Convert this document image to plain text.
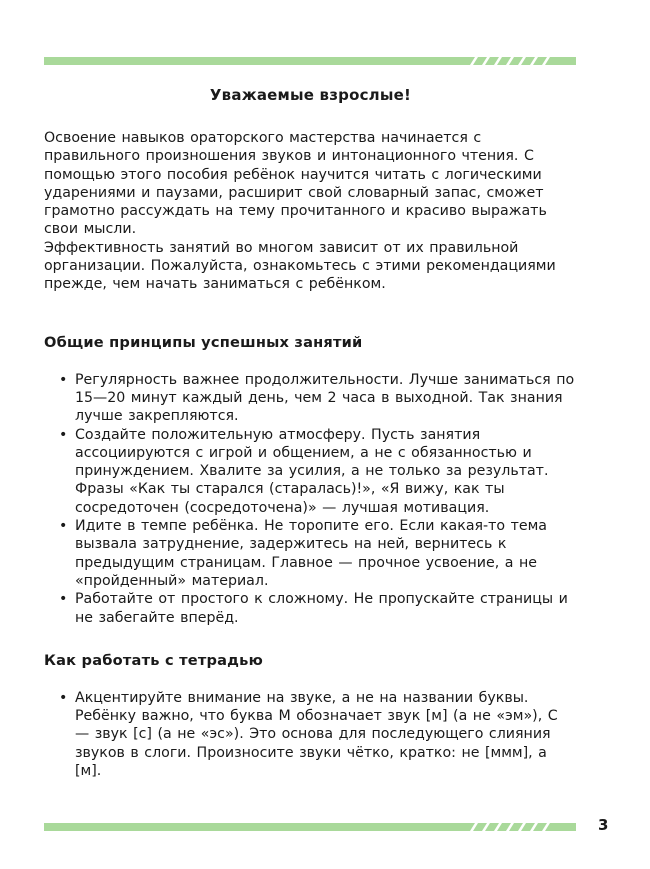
Уважаемые взрослые!

Освоение навыков ораторского мастерства начинается с правильного произношения звуков и интонационного чтения. С помощью этого пособия ребёнок научится читать с логическими ударениями и паузами, расширит свой словарный запас, сможет грамотно рассуждать на тему прочитанного и красиво выражать свои мысли.

Эффективность занятий во многом зависит от их правильной организации. Пожалуйста, ознакомьтесь с этими рекомендациями прежде, чем начать заниматься с ребёнком.

Общие принципы успешных занятий
• Регулярность важнее продолжительности. Лучше заниматься по 15—20 минут каждый день, чем 2 часа в выходной. Так знания лучше закрепляются.
• Создайте положительную атмосферу. Пусть занятия ассоциируются с игрой и общением, а не с обязанностью и принуждением. Хвалите за усилия, а не только за результат. Фразы «Как ты старался (старалась)!», «Я вижу, как ты сосредоточен (сосредоточена)» — лучшая мотивация.
• Идите в темпе ребёнка. Не торопите его. Если какая-то тема вызвала затруднение, задержитесь на ней, вернитесь к предыдущим страницам. Главное — прочное усвоение, а не «пройденный» материал.
• Работайте от простого к сложному. Не пропускайте страницы и не забегайте вперёд.
Как работать с тетрадью
• Акцентируйте внимание на звуке, а не на названии буквы. Ребёнку важно, что буква М обозначает звук [м] (а не «эм»), С — звук [с] (а не «эс»). Это основа для последующего слияния звуков в слоги. Произносите звуки чётко, кратко: не [ммм], а [м].
3
